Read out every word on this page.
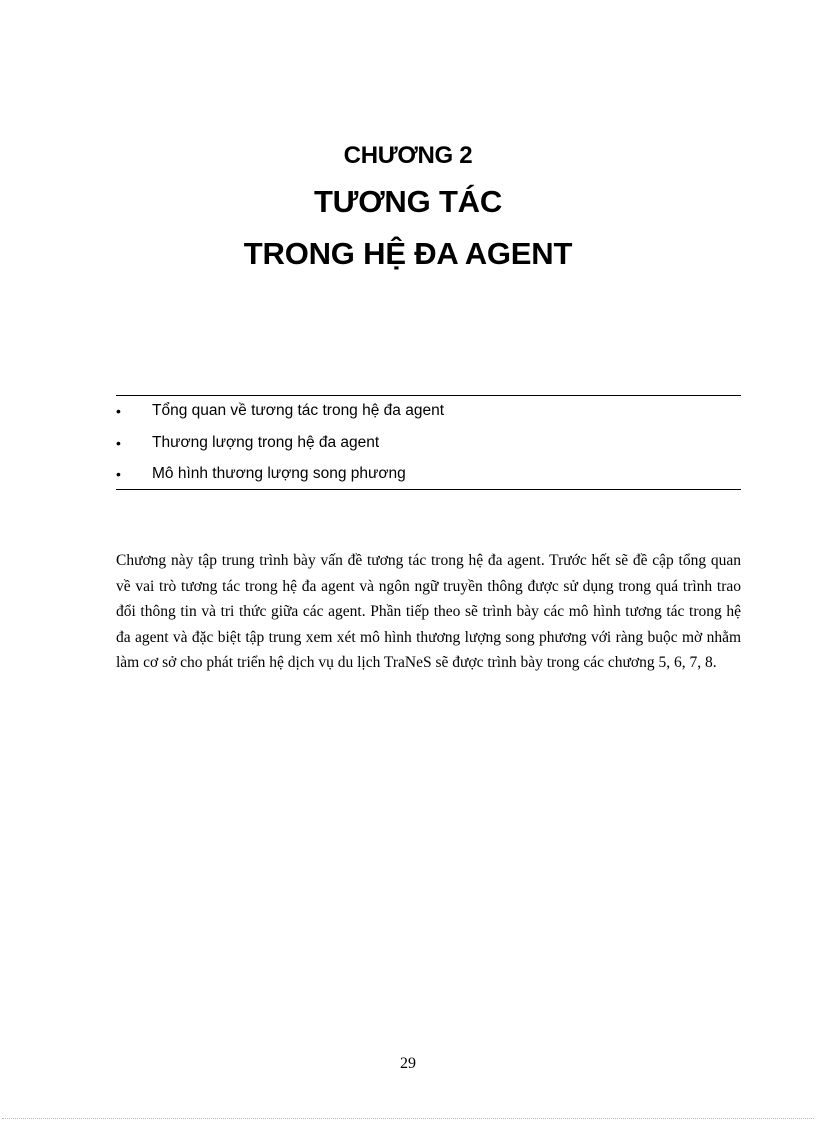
CHƯƠNG 2
TƯƠNG TÁC
TRONG HỆ ĐA AGENT
• Tổng quan về tương tác trong hệ đa agent
• Thương lượng trong hệ đa agent
• Mô hình thương lượng song phương

Chương này tập trung trình bày vấn đề tương tác trong hệ đa agent. Trước hết sẽ đề cập tổng quan về vai trò tương tác trong hệ đa agent và ngôn ngữ truyền thông được sử dụng trong quá trình trao đổi thông tin và tri thức giữa các agent. Phần tiếp theo sẽ trình bày các mô hình tương tác trong hệ đa agent và đặc biệt tập trung xem xét mô hình thương lượng song phương với ràng buộc mờ nhằm làm cơ sở cho phát triển hệ dịch vụ du lịch TraNeS sẽ được trình bày trong các chương 5, 6, 7, 8.

29
